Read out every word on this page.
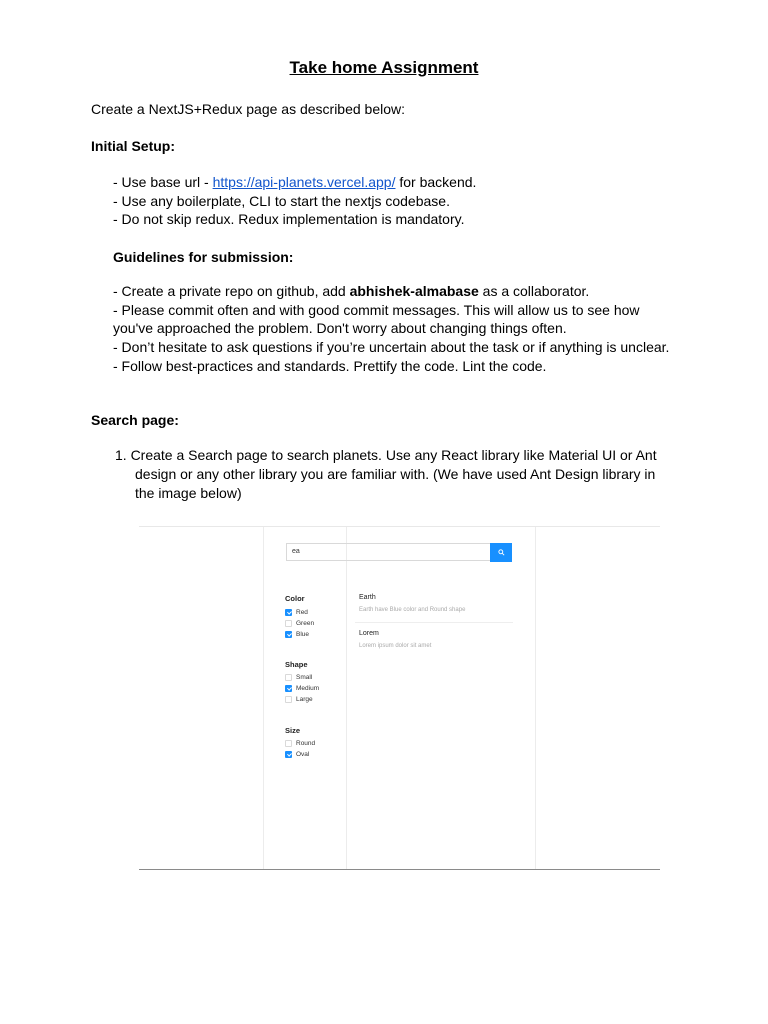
Take home Assignment
Create a NextJS+Redux page as described below:
Initial Setup:
- Use base url - https://api-planets.vercel.app/ for backend.
- Use any boilerplate, CLI to start the nextjs codebase.
- Do not skip redux. Redux implementation is mandatory.
Guidelines for submission:
- Create a private repo on github, add abhishek-almabase as a collaborator.
- Please commit often and with good commit messages. This will allow us to see how
you've approached the problem. Don't worry about changing things often.
- Don’t hesitate to ask questions if you’re uncertain about the task or if anything is unclear.
- Follow best-practices and standards. Prettify the code. Lint the code.
Search page:
1. Create a Search page to search planets. Use any React library like Material UI or Ant
design or any other library you are familiar with. (We have used Ant Design library in
the image below)
ea
Color
Red
Green
Blue
Shape
Small
Medium
Large
Size
Round
Oval
Earth
Earth have Blue color and Round shape
Lorem
Lorem ipsum dolor sit amet
